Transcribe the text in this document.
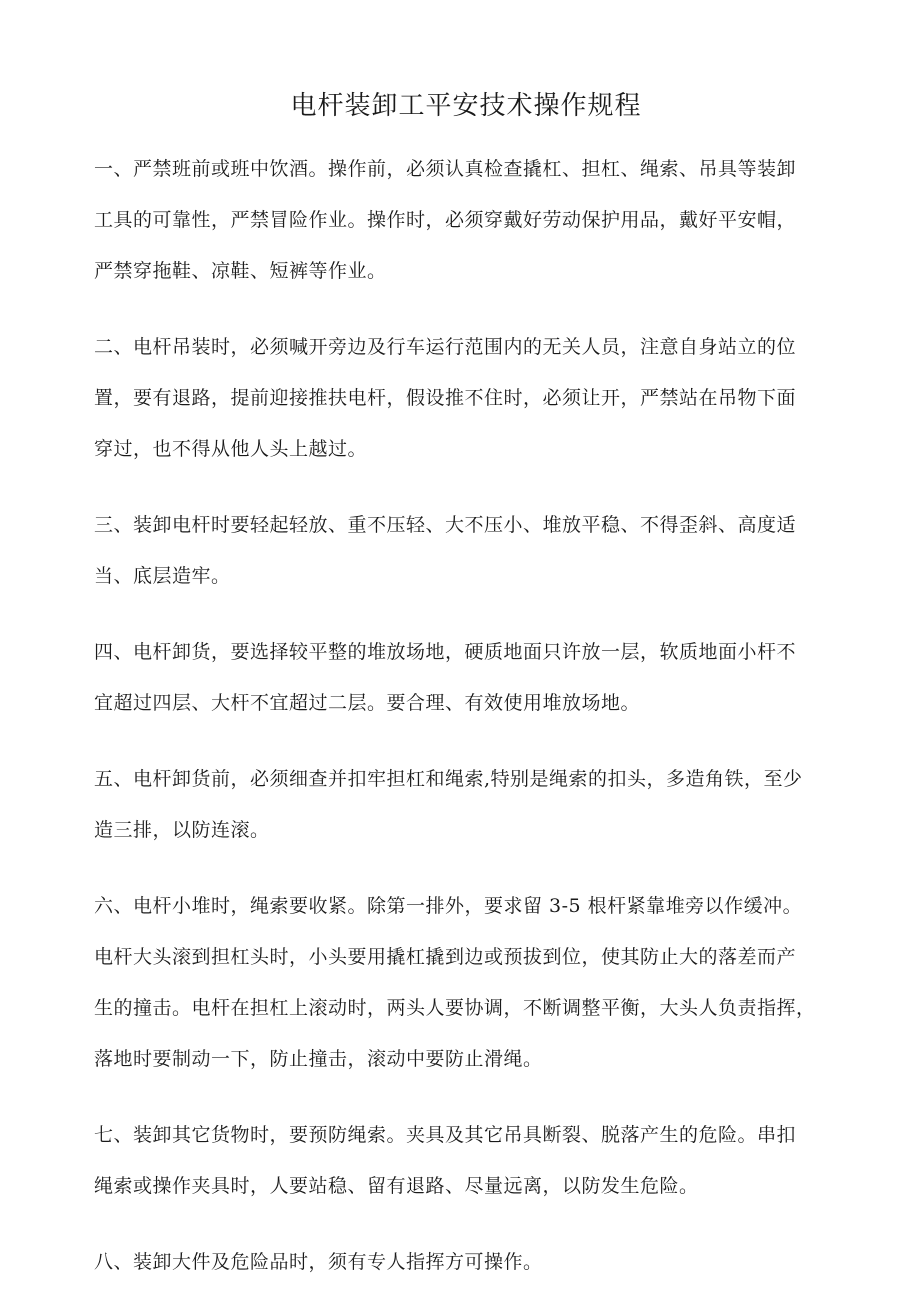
电杆装卸工平安技术操作规程

一、严禁班前或班中饮酒。操作前，必须认真检查撬杠、担杠、绳索、吊具等装卸

工具的可靠性，严禁冒险作业。操作时，必须穿戴好劳动保护用品，戴好平安帽，

严禁穿拖鞋、凉鞋、短裤等作业。

二、电杆吊装时，必须喊开旁边及行车运行范围内的无关人员，注意自身站立的位

置，要有退路，提前迎接推扶电杆，假设推不住时，必须让开，严禁站在吊物下面

穿过，也不得从他人头上越过。

三、装卸电杆时要轻起轻放、重不压轻、大不压小、堆放平稳、不得歪斜、高度适

当、底层造牢。

四、电杆卸货，要选择较平整的堆放场地，硬质地面只许放一层，软质地面小杆不

宜超过四层、大杆不宜超过二层。要合理、有效使用堆放场地。

五、电杆卸货前，必须细查并扣牢担杠和绳索,特别是绳索的扣头，多造角铁，至少

造三排，以防连滚。

六、电杆小堆时，绳索要收紧。除第一排外，要求留 3-5 根杆紧靠堆旁以作缓冲。

电杆大头滚到担杠头时，小头要用撬杠撬到边或预拔到位，使其防止大的落差而产

生的撞击。电杆在担杠上滚动时，两头人要协调，不断调整平衡，大头人负责指挥，

落地时要制动一下，防止撞击，滚动中要防止滑绳。

七、装卸其它货物时，要预防绳索。夹具及其它吊具断裂、脱落产生的危险。串扣

绳索或操作夹具时，人要站稳、留有退路、尽量远离，以防发生危险。

八、装卸大件及危险品时，须有专人指挥方可操作。
